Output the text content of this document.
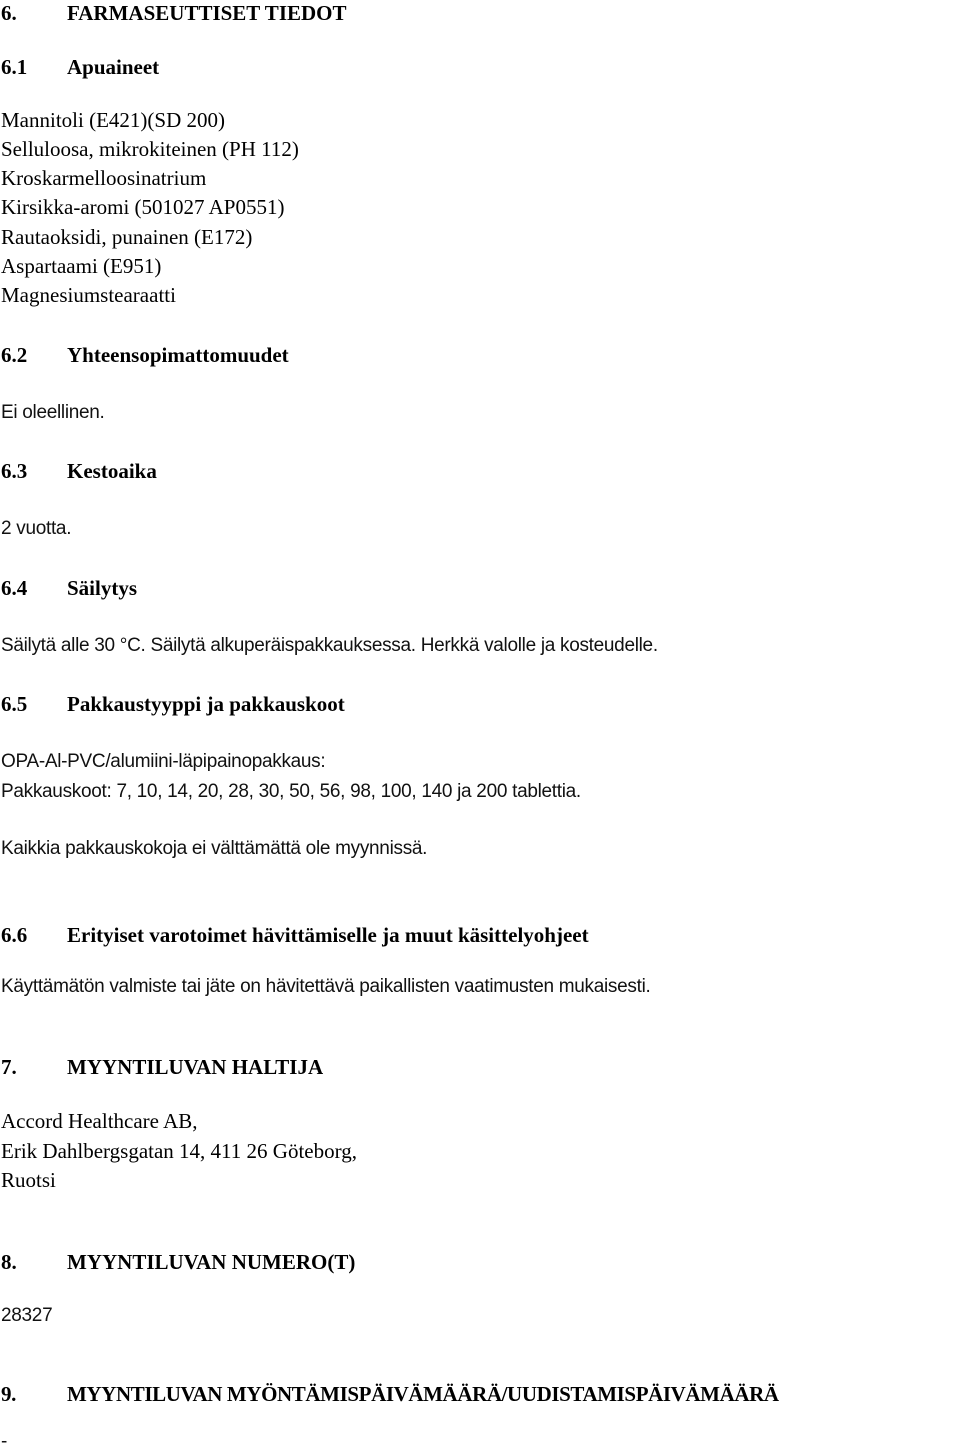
6. FARMASEUTTISET TIEDOT
6.1 Apuaineet
Mannitoli (E421)(SD 200)
Selluloosa, mikrokiteinen (PH 112)
Kroskarmelloosinatrium
Kirsikka-aromi (501027 AP0551)
Rautaoksidi, punainen (E172)
Aspartaami (E951)
Magnesiumstearaatti
6.2 Yhteensopimattomuudet
Ei oleellinen.
6.3 Kestoaika
2 vuotta.
6.4 Säilytys
Säilytä alle 30 °C. Säilytä alkuperäispakkauksessa. Herkkä valolle ja kosteudelle.
6.5 Pakkaustyyppi ja pakkauskoot
OPA-Al-PVC/alumiini-läpipainopakkaus:
Pakkauskoot: 7, 10, 14, 20, 28, 30, 50, 56, 98, 100, 140 ja 200 tablettia.
Kaikkia pakkauskokoja ei välttämättä ole myynnissä.
6.6 Erityiset varotoimet hävittämiselle ja muut käsittelyohjeet
Käyttämätön valmiste tai jäte on hävitettävä paikallisten vaatimusten mukaisesti.
7. MYYNTILUVAN HALTIJA
Accord Healthcare AB,
Erik Dahlbergsgatan 14, 411 26 Göteborg,
Ruotsi
8. MYYNTILUVAN NUMERO(T)
28327
9. MYYNTILUVAN MYÖNTÄMISPÄIVÄMÄÄRÄ/UUDISTAMISPÄIVÄMÄÄRÄ
-
